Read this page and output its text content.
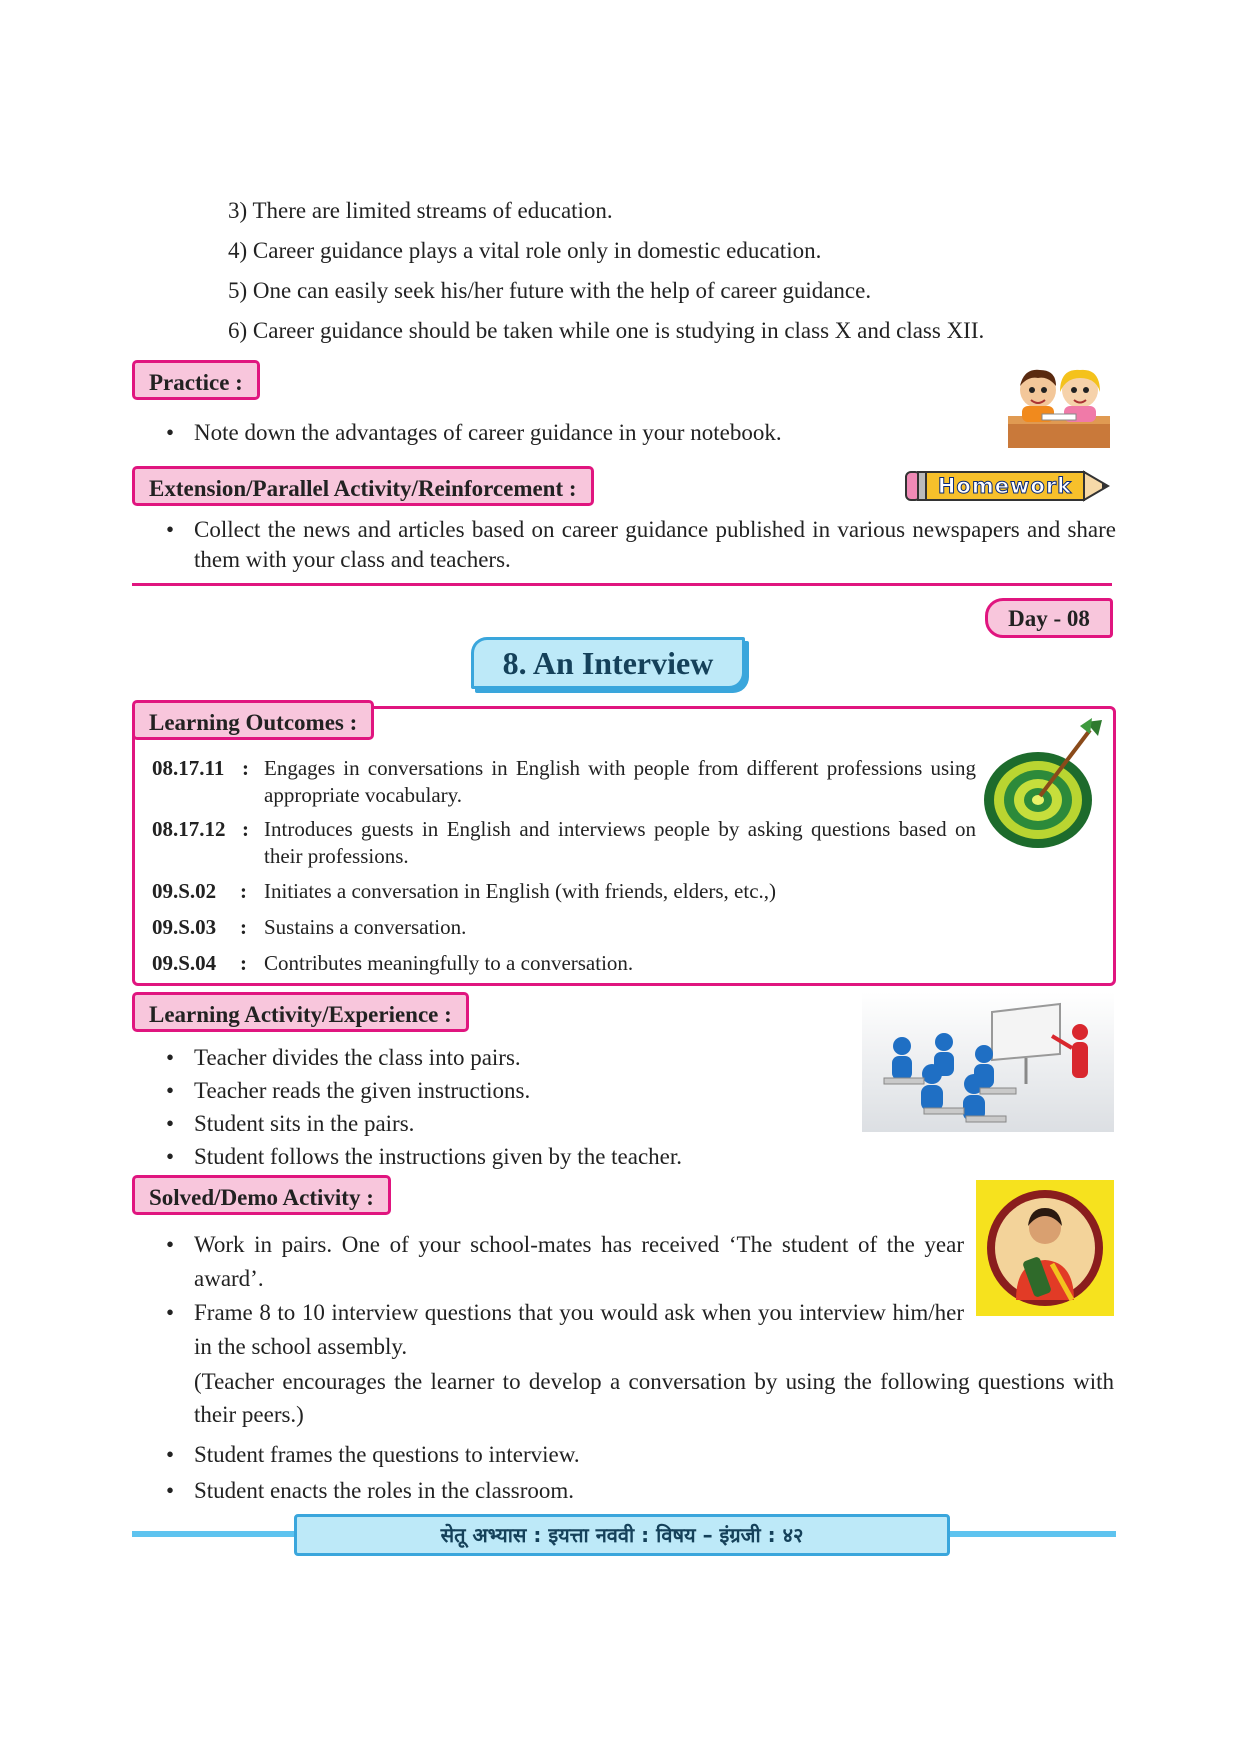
3) There are limited streams of education.
4) Career guidance plays a vital role only in domestic education.
5) One can easily seek his/her future with the help of career guidance.
6) Career guidance should be taken while one is studying in class X and class XII.
Practice :
• Note down the advantages of career guidance in your notebook.
Extension/Parallel Activity/Reinforcement :	Homework
• Collect the news and articles based on career guidance published in various newspapers and share them with your class and teachers.
Day - 08
8. An Interview
Learning Outcomes :
08.17.11 : Engages in conversations in English with people from different professions using appropriate vocabulary.
08.17.12 : Introduces guests in English and interviews people by asking questions based on their professions.
09.S.02	: Initiates a conversation in English (with friends, elders, etc.,)
09.S.03	: Sustains a conversation.
09.S.04	: Contributes meaningfully to a conversation.
Learning Activity/Experience :
• Teacher divides the class into pairs.
• Teacher reads the given instructions.
• Student sits in the pairs.
• Student follows the instructions given by the teacher.
Solved/Demo Activity :
• Work in pairs. One of your school-mates has received ‘The student of the year award’.
• Frame 8 to 10 interview questions that you would ask when you interview him/her in the school assembly.
(Teacher encourages the learner to develop a conversation by using the following questions with their peers.)
• Student frames the questions to interview.
• Student enacts the roles in the classroom.
सेतू अभ्यास : इयत्ता नववी : विषय – इंग्रजी : ४२
